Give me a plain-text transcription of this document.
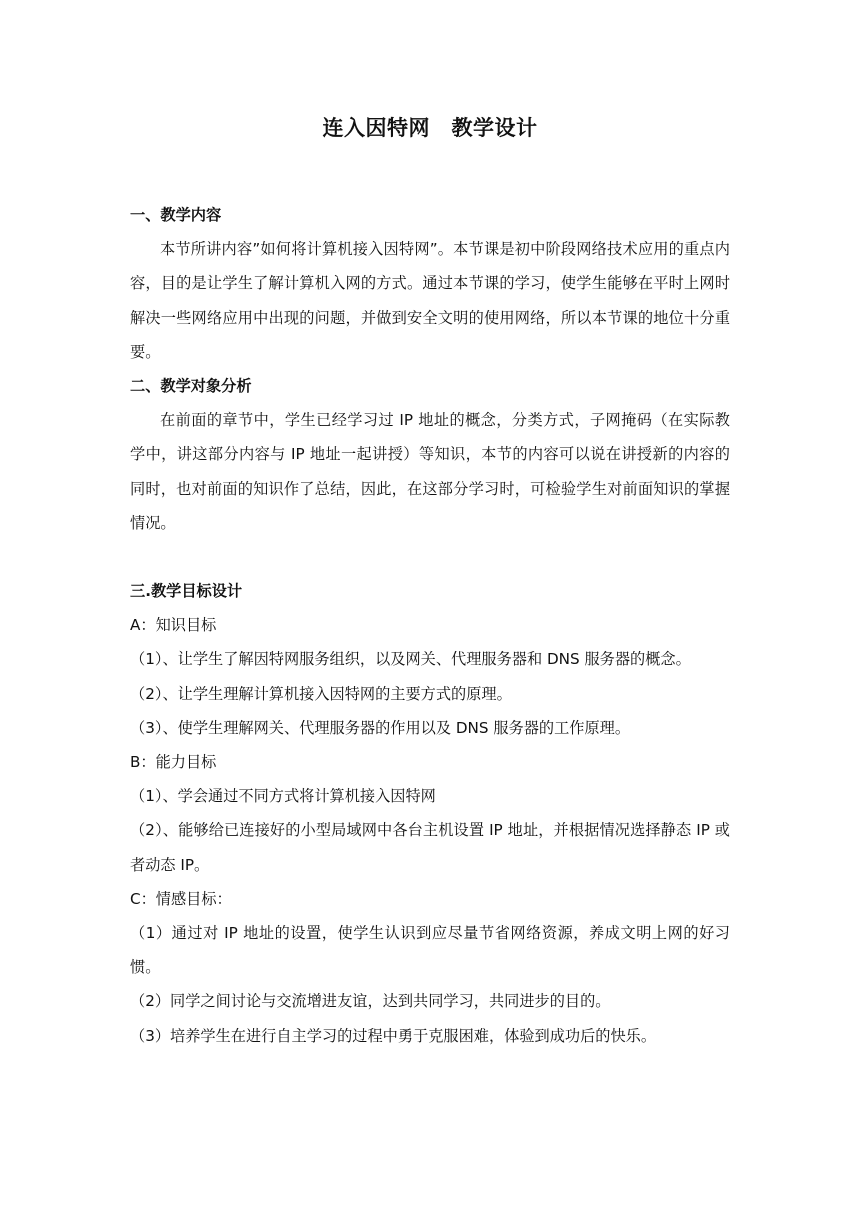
连入因特网　教学设计

一、教学内容

本节所讲内容”如何将计算机接入因特网”。本节课是初中阶段网络技术应用的重点内容，目的是让学生了解计算机入网的方式。通过本节课的学习，使学生能够在平时上网时解决一些网络应用中出现的问题，并做到安全文明的使用网络，所以本节课的地位十分重要。

二、教学对象分析

在前面的章节中，学生已经学习过 IP 地址的概念，分类方式，子网掩码（在实际教学中，讲这部分内容与 IP 地址一起讲授）等知识，本节的内容可以说在讲授新的内容的同时，也对前面的知识作了总结，因此，在这部分学习时，可检验学生对前面知识的掌握情况。

三.教学目标设计

A：知识目标

（1）、让学生了解因特网服务组织，以及网关、代理服务器和 DNS 服务器的概念。

（2）、让学生理解计算机接入因特网的主要方式的原理。

（3）、使学生理解网关、代理服务器的作用以及 DNS 服务器的工作原理。

B：能力目标

（1）、学会通过不同方式将计算机接入因特网

（2）、能够给已连接好的小型局域网中各台主机设置 IP 地址，并根据情况选择静态 IP 或者动态 IP。

C：情感目标：

（1）通过对 IP 地址的设置，使学生认识到应尽量节省网络资源，养成文明上网的好习惯。

（2）同学之间讨论与交流增进友谊，达到共同学习，共同进步的目的。

（3）培养学生在进行自主学习的过程中勇于克服困难，体验到成功后的快乐。
